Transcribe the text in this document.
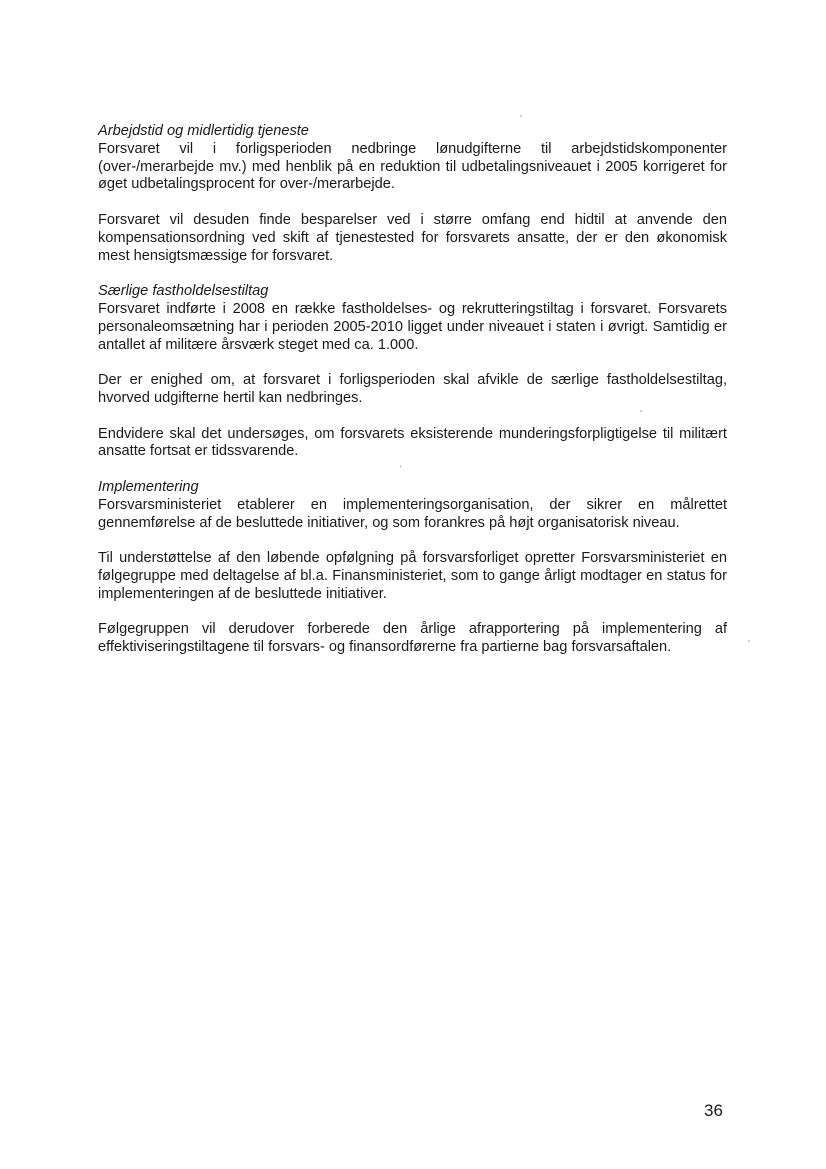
Arbejdstid og midlertidig tjeneste

Forsvaret vil i forligsperioden nedbringe lønudgifterne til arbejdstidskomponenter (over-/merarbejde mv.) med henblik på en reduktion til udbetalingsniveauet i 2005 korrigeret for øget udbetalingsprocent for over-/merarbejde.

Forsvaret vil desuden finde besparelser ved i større omfang end hidtil at anvende den kompensationsordning ved skift af tjenestested for forsvarets ansatte, der er den økonomisk mest hensigtsmæssige for forsvaret.

Særlige fastholdelsestiltag

Forsvaret indførte i 2008 en række fastholdelses- og rekrutteringstiltag i forsvaret. Forsvarets personaleomsætning har i perioden 2005-2010 ligget under niveauet i staten i øvrigt. Samtidig er antallet af militære årsværk steget med ca. 1.000.

Der er enighed om, at forsvaret i forligsperioden skal afvikle de særlige fastholdelsestiltag, hvorved udgifterne hertil kan nedbringes.

Endvidere skal det undersøges, om forsvarets eksisterende munderingsforpligtigelse til militært ansatte fortsat er tidssvarende.

Implementering

Forsvarsministeriet etablerer en implementeringsorganisation, der sikrer en målrettet gennemførelse af de besluttede initiativer, og som forankres på højt organisatorisk niveau.

Til understøttelse af den løbende opfølgning på forsvarsforliget opretter Forsvarsministeriet en følgegruppe med deltagelse af bl.a. Finansministeriet, som to gange årligt modtager en status for implementeringen af de besluttede initiativer.

Følgegruppen vil derudover forberede den årlige afrapportering på implementering af effektiviseringstiltagene til forsvars- og finansordførerne fra partierne bag forsvarsaftalen.

36
